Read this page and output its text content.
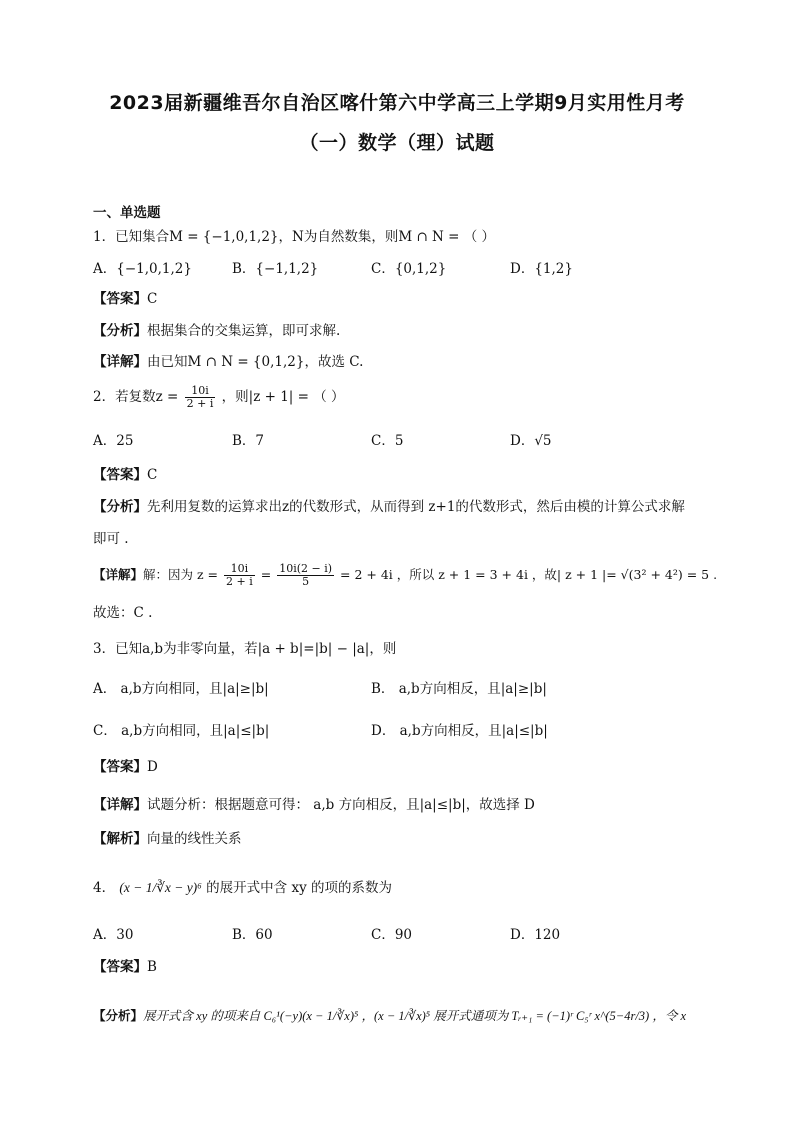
2023届新疆维吾尔自治区喀什第六中学高三上学期9月实用性月考
（一）数学（理）试题
一、单选题
1．已知集合M = {−1,0,1,2}，N为自然数集，则M ∩ N = （ ）
A．{−1,0,1,2}	B．{−1,1,2}	C．{0,1,2}	D．{1,2}
【答案】C
【分析】根据集合的交集运算，即可求解.
【详解】由已知M ∩ N = {0,1,2}，故选 C.
2．若复数$z = \frac{10i}{2 + i}$ ，则|z + 1| = （ ）
A．25	B．7	C．5	D．√5
【答案】C
【分析】先利用复数的运算求出z的代数形式，从而得到 z+1的代数形式，然后由模的计算公式求解
即可 .
【详解】解：因为 $z = \frac{10i}{2 + i} = \frac{10i(2 - i)}{5} = 2 + 4i$ ，所以 z + 1 = 3 + 4i ，故| z + 1 |= √(3² + 4²) = 5 .
故选：C .
3．已知a,b为非零向量，若|a + b|=|b| − |a|，则
A． a,b方向相同，且|a|≥|b|	B． a,b方向相反，且|a|≥|b|
C． a,b方向相同，且|a|≤|b|	D． a,b方向相反，且|a|≤|b|
【答案】D
【详解】试题分析：根据题意可得： a,b 方向相反，且|a|≤|b|，故选择 D
【解析】向量的线性关系
4． (x − 1/∛x − y)⁶ 的展开式中含 xy 的项的系数为
A．30	B．60	C．90	D．120
【答案】B
【分析】展开式含 xy 的项来自 C₆¹(−y)(x − 1/∛x)⁵ ，(x − 1/∛x)⁵ 展开式通项为 Tᵣ₊₁ = (−1)ʳ C₅ʳ x^(5−4r/3) ，令 x
